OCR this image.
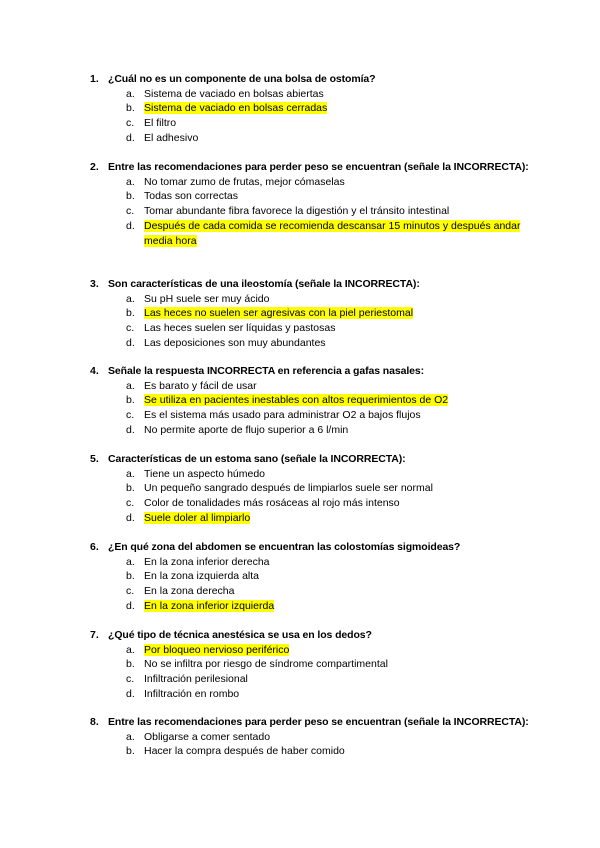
1. ¿Cuál no es un componente de una bolsa de ostomía?
a. Sistema de vaciado en bolsas abiertas
b. Sistema de vaciado en bolsas cerradas
c. El filtro
d. El adhesivo
2. Entre las recomendaciones para perder peso se encuentran (señale la INCORRECTA):
a. No tomar zumo de frutas, mejor cómaselas
b. Todas son correctas
c. Tomar abundante fibra favorece la digestión y el tránsito intestinal
d. Después de cada comida se recomienda descansar 15 minutos y después andar media hora
3. Son características de una ileostomía (señale la INCORRECTA):
a. Su pH suele ser muy ácido
b. Las heces no suelen ser agresivas con la piel periestomal
c. Las heces suelen ser líquidas y pastosas
d. Las deposiciones son muy abundantes
4. Señale la respuesta INCORRECTA en referencia a gafas nasales:
a. Es barato y fácil de usar
b. Se utiliza en pacientes inestables con altos requerimientos de O2
c. Es el sistema más usado para administrar O2 a bajos flujos
d. No permite aporte de flujo superior a 6 l/min
5. Características de un estoma sano (señale la INCORRECTA):
a. Tiene un aspecto húmedo
b. Un pequeño sangrado después de limpiarlos suele ser normal
c. Color de tonalidades más rosáceas al rojo más intenso
d. Suele doler al limpiarlo
6. ¿En qué zona del abdomen se encuentran las colostomías sigmoideas?
a. En la zona inferior derecha
b. En la zona izquierda alta
c. En la zona derecha
d. En la zona inferior izquierda
7. ¿Qué tipo de técnica anestésica se usa en los dedos?
a. Por bloqueo nervioso periférico
b. No se infiltra por riesgo de síndrome compartimental
c. Infiltración perilesional
d. Infiltración en rombo
8. Entre las recomendaciones para perder peso se encuentran (señale la INCORRECTA):
a. Obligarse a comer sentado
b. Hacer la compra después de haber comido
